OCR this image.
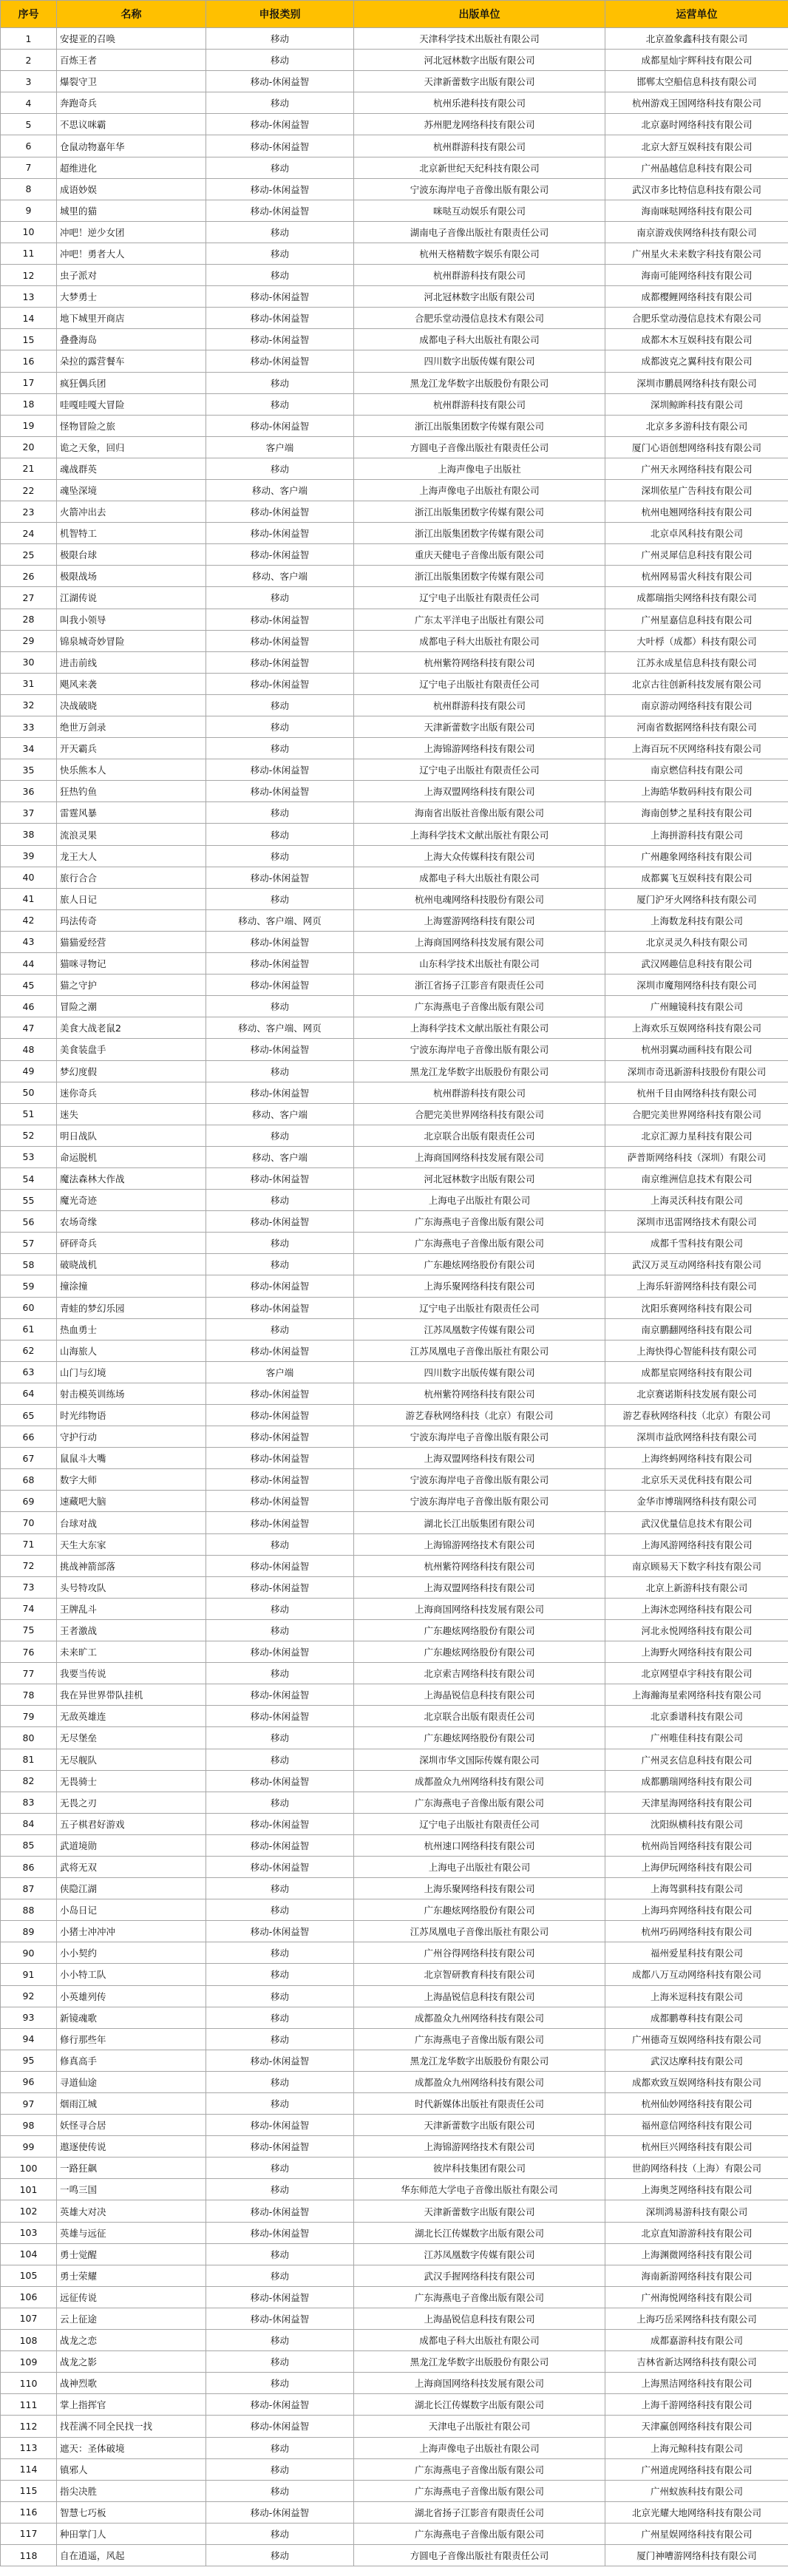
序号	名称	申报类别	出版单位	运营单位
1	安提亚的召唤	移动	天津科学技术出版社有限公司	北京盈象鑫科技有限公司
2	百炼王者	移动	河北冠林数字出版有限公司	成都星灿宇辉科技有限公司
3	爆裂守卫	移动-休闲益智	天津新蕾数字出版有限公司	邯郸太空船信息科技有限公司
4	奔跑奇兵	移动	杭州乐港科技有限公司	杭州游戏王国网络科技有限公司
5	不思议咪霸	移动-休闲益智	苏州肥龙网络科技有限公司	北京嘉时网络科技有限公司
6	仓鼠动物嘉年华	移动-休闲益智	杭州群游科技有限公司	北京大舒互娱科技有限公司
7	超维进化	移动	北京新世纪天纪科技有限公司	广州晶越信息科技有限公司
8	成语妙娱	移动-休闲益智	宁波东海岸电子音像出版有限公司	武汉市多比特信息科技有限公司
9	城里的猫	移动-休闲益智	咪哒互动娱乐有限公司	海南咪哒网络科技有限公司
10	冲吧！逆少女团	移动	湖南电子音像出版社有限责任公司	南京游戏侠网络科技有限公司
11	冲吧！勇者大人	移动	杭州天格精数字娱乐有限公司	广州星火未来数字科技有限公司
12	虫子派对	移动	杭州群游科技有限公司	海南可能网络科技有限公司
13	大梦勇士	移动-休闲益智	河北冠林数字出版有限公司	成都樱鲤网络科技有限公司
14	地下城里开商店	移动-休闲益智	合肥乐堂动漫信息技术有限公司	合肥乐堂动漫信息技术有限公司
15	叠叠海岛	移动-休闲益智	成都电子科大出版社有限公司	成都木木互娱科技有限公司
16	朵拉的露营餐车	移动-休闲益智	四川数字出版传媒有限公司	成都波克之翼科技有限公司
17	疯狂偶兵团	移动	黑龙江龙华数字出版股份有限公司	深圳市鹏晨网络科技有限公司
18	哇嘎哇嘎大冒险	移动	杭州群游科技有限公司	深圳鲸眸科技有限公司
19	怪物冒险之旅	移动-休闲益智	浙江出版集团数字传媒有限公司	北京多多游科技有限公司
20	诡之天象，回归	客户端	方圆电子音像出版社有限责任公司	厦门心语创想网络科技有限公司
21	魂战群英	移动	上海声像电子出版社	广州天永网络科技有限公司
22	魂坠深境	移动、客户端	上海声像电子出版社有限公司	深圳依星广告科技有限公司
23	火箭冲出去	移动-休闲益智	浙江出版集团数字传媒有限公司	杭州电翘网络科技有限公司
24	机智特工	移动-休闲益智	浙江出版集团数字传媒有限公司	北京卓风科技有限公司
25	极限台球	移动-休闲益智	重庆天健电子音像出版有限公司	广州灵犀信息科技有限公司
26	极限战场	移动、客户端	浙江出版集团数字传媒有限公司	杭州网易雷火科技有限公司
27	江湖传说	移动	辽宁电子出版社有限责任公司	成都瑞指尖网络科技有限公司
28	叫我小领导	移动-休闲益智	广东太平洋电子出版社有限公司	广州星嘉信息科技有限公司
29	锦泉城奇妙冒险	移动-休闲益智	成都电子科大出版社有限公司	大叶桴（成都）科技有限公司
30	进击前线	移动-休闲益智	杭州紫符网络科技有限公司	江苏永成星信息科技有限公司
31	飓风来袭	移动-休闲益智	辽宁电子出版社有限责任公司	北京古往创新科技发展有限公司
32	决战破晓	移动	杭州群游科技有限公司	南京游动网络科技有限公司
33	绝世万剑录	移动	天津新蕾数字出版有限公司	河南省数据网络科技有限公司
34	开天霸兵	移动	上海锦游网络科技有限公司	上海百玩不厌网络科技有限公司
35	快乐熊本人	移动-休闲益智	辽宁电子出版社有限责任公司	南京燃信科技有限公司
36	狂热钓鱼	移动-休闲益智	上海双盟网络科技有限公司	上海皓华数码科技有限公司
37	雷霆风暴	移动	海南省出版社音像出版有限公司	海南创梦之星科技有限公司
38	流浪灵果	移动	上海科学技术文献出版社有限公司	上海拼游科技有限公司
39	龙王大人	移动	上海大众传媒科技有限公司	广州趣象网络科技有限公司
40	旅行合合	移动-休闲益智	成都电子科大出版社有限公司	成都翼飞互娱科技有限公司
41	旅人日记	移动	杭州电魂网络科技股份有限公司	厦门沪牙火网络科技有限公司
42	玛法传奇	移动、客户端、网页	上海霆游网络科技有限公司	上海数龙科技有限公司
43	猫猫爱经营	移动-休闲益智	上海商国网络科技发展有限公司	北京灵灵久科技有限公司
44	猫咪寻物记	移动-休闲益智	山东科学技术出版社有限公司	武汉网趣信息科技有限公司
45	猫之守护	移动-休闲益智	浙江省扬子江影音有限责任公司	深圳市魔翔网络科技有限公司
46	冒险之潮	移动	广东海燕电子音像出版有限公司	广州瞳镜科技有限公司
47	美食大战老鼠2	移动、客户端、网页	上海科学技术文献出版社有限公司	上海欢乐互娱网络科技有限公司
48	美食装盘手	移动-休闲益智	宁波东海岸电子音像出版有限公司	杭州羽翼动画科技有限公司
49	梦幻度假	移动	黑龙江龙华数字出版股份有限公司	深圳市奇迅新游科技股份有限公司
50	迷你奇兵	移动-休闲益智	杭州群游科技有限公司	杭州千目由网络科技有限公司
51	迷失	移动、客户端	合肥完美世界网络科技有限公司	合肥完美世界网络科技有限公司
52	明日战队	移动	北京联合出版有限责任公司	北京汇源力星科技有限公司
53	命运脱机	移动、客户端	上海商国网络科技发展有限公司	萨普斯网络科技（深圳）有限公司
54	魔法森林大作战	移动-休闲益智	河北冠林数字出版有限公司	南京维洲信息技术有限公司
55	魔光奇迹	移动	上海电子出版社有限公司	上海灵沃科技有限公司
56	农场奇缘	移动-休闲益智	广东海燕电子音像出版有限公司	深圳市迅雷网络技术有限公司
57	砰砰奇兵	移动	广东海燕电子音像出版有限公司	成都千雪科技有限公司
58	破晓战机	移动	广东趣炫网络股份有限公司	武汉万灵互动网络科技有限公司
59	撞涂撞	移动-休闲益智	上海乐聚网络科技有限公司	上海乐轩游网络科技有限公司
60	青蛙的梦幻乐园	移动-休闲益智	辽宁电子出版社有限责任公司	沈阳乐赛网络科技有限公司
61	热血勇士	移动	江苏凤凰数字传媒有限公司	南京鹏翻网络科技有限公司
62	山海旅人	移动-休闲益智	江苏凤凰电子音像出版社有限公司	上海快得心智能科技有限公司
63	山门与幻境	客户端	四川数字出版传媒有限公司	成都星宸网络科技有限公司
64	射击模英训练场	移动-休闲益智	杭州紫符网络科技有限公司	北京赛诺斯科技发展有限公司
65	时光纬物语	移动-休闲益智	游艺春秋网络科技（北京）有限公司	游艺春秋网络科技（北京）有限公司
66	守护行动	移动-休闲益智	宁波东海岸电子音像出版有限公司	深圳市益欣网络科技有限公司
67	鼠鼠斗大嘴	移动-休闲益智	上海双盟网络科技有限公司	上海终蚂网络科技有限公司
68	数字大师	移动-休闲益智	宁波东海岸电子音像出版有限公司	北京乐天灵优科技有限公司
69	速藏吧大脑	移动-休闲益智	宁波东海岸电子音像出版有限公司	金华市博瑞网络科技有限公司
70	台球对战	移动-休闲益智	湖北长江出版集团有限公司	武汉优量信息技术有限公司
71	天生大东家	移动	上海锦游网络技术有限公司	上海风游网络科技有限公司
72	挑战神箭部落	移动-休闲益智	杭州紫符网络科技有限公司	南京顾易天下数字科技有限公司
73	头号特攻队	移动-休闲益智	上海双盟网络科技有限公司	北京上新游科技有限公司
74	王牌乱斗	移动	上海商国网络科技发展有限公司	上海沐恋网络科技有限公司
75	王者激战	移动	广东趣炫网络股份有限公司	河北永悦网络科技有限公司
76	未来旷工	移动-休闲益智	广东趣炫网络股份有限公司	上海野火网络科技有限公司
77	我要当传说	移动	北京索吉网络科技有限公司	北京网望卓宇科技有限公司
78	我在异世界带队挂机	移动-休闲益智	上海晶锐信息科技有限公司	上海瀚海星索网络科技有限公司
79	无敌英雄连	移动-休闲益智	北京联合出版有限责任公司	北京黍谱科技有限公司
80	无尽堡垒	移动	广东趣炫网络股份有限公司	广州唯佳科技有限公司
81	无尽舰队	移动	深圳市华文国际传媒有限公司	广州灵玄信息科技有限公司
82	无畏骑士	移动-休闲益智	成都盈众九州网络科技有限公司	成都鹏瑞网络科技有限公司
83	无畏之刃	移动	广东海燕电子音像出版有限公司	天津星海网络科技有限公司
84	五子棋君好游戏	移动-休闲益智	辽宁电子出版社有限责任公司	沈阳纵横科技有限公司
85	武道境勋	移动-休闲益智	杭州速口网络科技有限公司	杭州尚旨网络科技有限公司
86	武将无双	移动-休闲益智	上海电子出版社有限公司	上海伊玩网络科技有限公司
87	侠隐江湖	移动	上海乐聚网络科技有限公司	上海驾骐科技有限公司
88	小岛日记	移动	广东趣炫网络股份有限公司	上海玛弈网络科技有限公司
89	小猪士冲冲冲	移动-休闲益智	江苏凤凰电子音像出版社有限公司	杭州巧码网络科技有限公司
90	小小契约	移动	广州谷得网络科技有限公司	福州爱星科技有限公司
91	小小特工队	移动	北京智研教育科技有限公司	成都八万互动网络科技有限公司
92	小英雄列传	移动	上海晶锐信息科技有限公司	上海米逗科技有限公司
93	新镜魂歌	移动	成都盈众九州网络科技有限公司	成都鹏尊科技有限公司
94	修行那些年	移动	广东海燕电子音像出版有限公司	广州德奇互娱网络科技有限公司
95	修真高手	移动-休闲益智	黑龙江龙华数字出版股份有限公司	武汉达摩科技有限公司
96	寻道仙途	移动	成都盈众九州网络科技有限公司	成都欢致互娱网络科技有限公司
97	烟雨江城	移动	时代新媒体出版社有限责任公司	杭州仙妙网络科技有限公司
98	妖怪寻合居	移动-休闲益智	天津新蕾数字出版有限公司	福州意信网络科技有限公司
99	遨逐使传说	移动-休闲益智	上海锦游网络技术有限公司	杭州巨兴网络科技有限公司
100	一路狂飙	移动	彼岸科技集团有限公司	世韵网络科技（上海）有限公司
101	一鸣三国	移动	华东师范大学电子音像出版社有限公司	上海奥芝网络科技有限公司
102	英雄大对决	移动-休闲益智	天津新蕾数字出版有限公司	深圳鸿易游科技有限公司
103	英雄与远征	移动-休闲益智	湖北长江传媒数字出版有限公司	北京直知游游科技有限公司
104	勇士觉醒	移动	江苏凤凰数字传媒有限公司	上海渊微网络科技有限公司
105	勇士荣耀	移动	武汉手握网络科技有限公司	海南新游网络科技有限公司
106	远征传说	移动-休闲益智	广东海燕电子音像出版有限公司	广州海悦网络科技有限公司
107	云上征途	移动-休闲益智	上海晶锐信息科技有限公司	上海巧岳采网络科技有限公司
108	战龙之恋	移动	成都电子科大出版社有限公司	成都嘉游科技有限公司
109	战龙之影	移动	黑龙江龙华数字出版股份有限公司	吉林省新达网络科技有限公司
110	战神烈歌	移动	上海商国网络科技发展有限公司	上海黑洁网络科技有限公司
111	掌上指挥官	移动-休闲益智	湖北长江传媒数字出版有限公司	上海千游网络科技有限公司
112	找茬满不同全民找一找	移动-休闲益智	天津电子出版社有限公司	天津赢创网络科技有限公司
113	遮天：圣体破境	移动	上海声像电子出版社有限公司	上海元鲸科技有限公司
114	镇邪人	移动	广东海燕电子音像出版有限公司	广州道虎网络科技有限公司
115	指尖决胜	移动	广东海燕电子音像出版有限公司	广州蚁族科技有限公司
116	智慧七巧板	移动-休闲益智	湖北省扬子江影音有限责任公司	北京光耀大地网络科技有限公司
117	种田掌门人	移动	广东海燕电子音像出版有限公司	广州星娱网络科技有限公司
118	自在逍遥，风起	移动	方圆电子音像出版社有限责任公司	厦门神嘈游网络科技有限公司
